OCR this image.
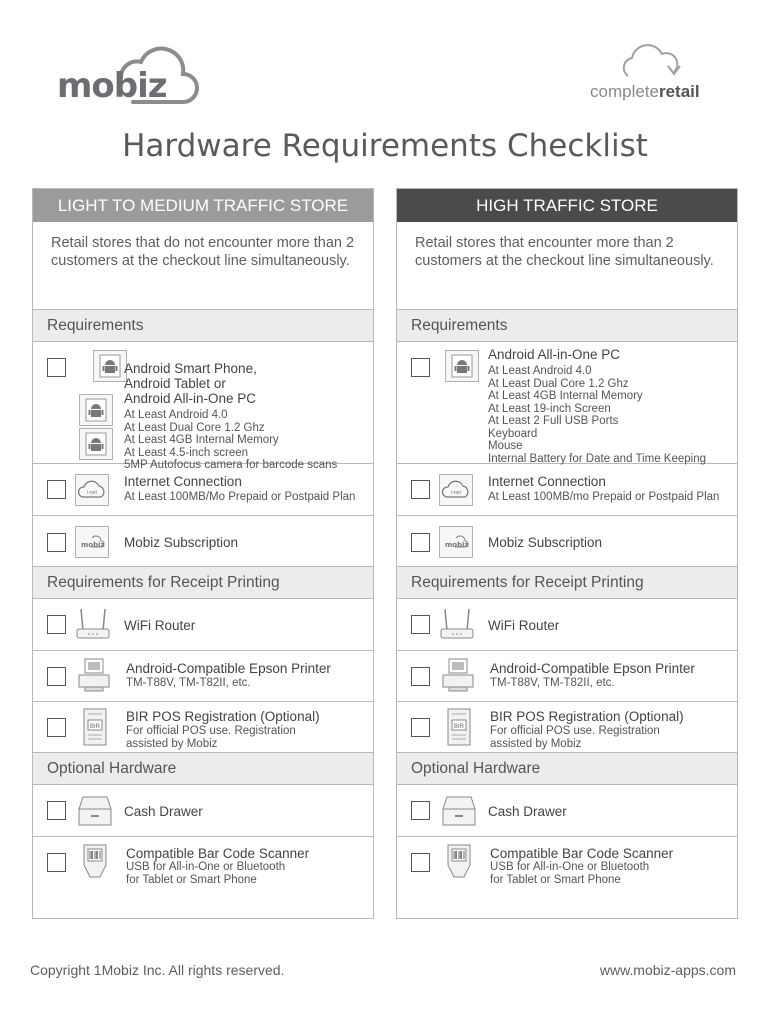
mobiz	completeretail
Hardware Requirements Checklist
LIGHT TO MEDIUM TRAFFIC STORE
Retail stores that do not encounter more than 2 customers at the checkout line simultaneously.
Requirements
Android Smart Phone,
Android Tablet or
Android All-in-One PC
At Least Android 4.0
At Least Dual Core 1.2 Ghz
At Least 4GB Internal Memory
At Least 4.5-inch screen
5MP Autofocus camera for barcode scans
i-net
Internet Connection
At Least 100MB/Mo Prepaid or Postpaid Plan
mobiz Mobiz Subscription
Requirements for Receipt Printing
WiFi Router
Android-Compatible Epson Printer
TM-T88V, TM-T82II, etc.
BIR
BIR POS Registration (Optional)
For official POS use. Registration
assisted by Mobiz
Optional Hardware
Cash Drawer
Compatible Bar Code Scanner
USB for All-in-One or Bluetooth
for Tablet or Smart Phone
HIGH TRAFFIC STORE
Retail stores that encounter more than 2 customers at the checkout line simultaneously.
Requirements
Android All-in-One PC
At Least Android 4.0
At Least Dual Core 1.2 Ghz
At Least 4GB Internal Memory
At Least 19-inch Screen
At Least 2 Full USB Ports
Keyboard
Mouse
Internal Battery for Date and Time Keeping
i-net
Internet Connection
At Least 100MB/mo Prepaid or Postpaid Plan
mobiz Mobiz Subscription
Requirements for Receipt Printing
WiFi Router
Android-Compatible Epson Printer
TM-T88V, TM-T82II, etc.
BIR
BIR POS Registration (Optional)
For official POS use. Registration
assisted by Mobiz
Optional Hardware
Cash Drawer
Compatible Bar Code Scanner
USB for All-in-One or Bluetooth
for Tablet or Smart Phone
Copyright 1Mobiz Inc. All rights reserved.	www.mobiz-apps.com
